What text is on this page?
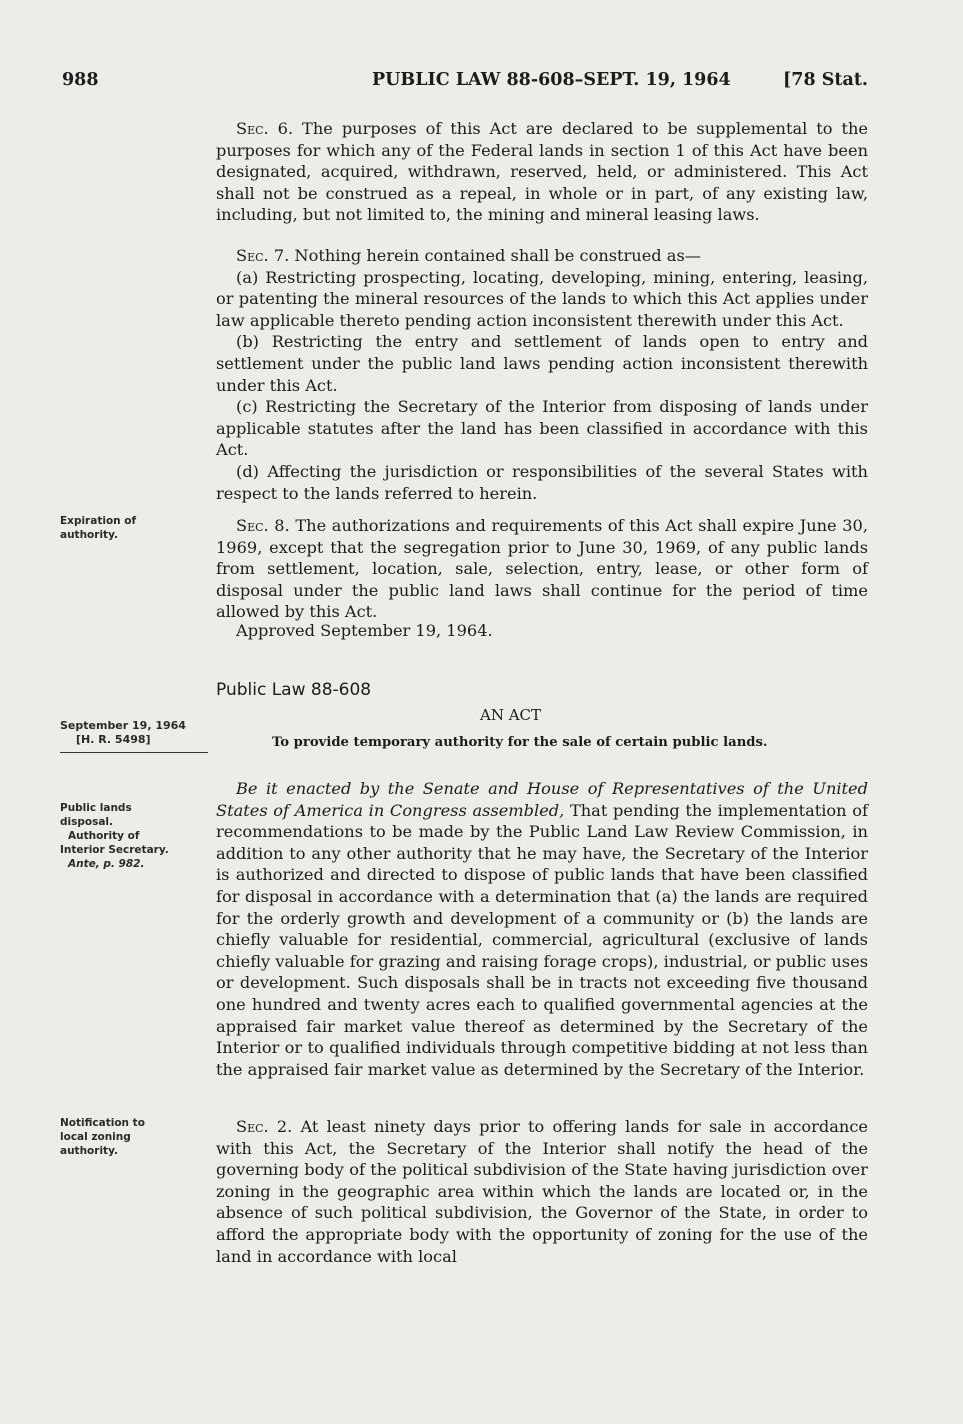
988	PUBLIC LAW 88-608–SEPT. 19, 1964	[78 Stat.

Sec. 6. The purposes of this Act are declared to be supplemental to the purposes for which any of the Federal lands in section 1 of this Act have been designated, acquired, withdrawn, reserved, held, or administered. This Act shall not be construed as a repeal, in whole or in part, of any existing law, including, but not limited to, the mining and mineral leasing laws.

Sec. 7. Nothing herein contained shall be construed as—

(a) Restricting prospecting, locating, developing, mining, entering, leasing, or patenting the mineral resources of the lands to which this Act applies under law applicable thereto pending action inconsistent therewith under this Act.

(b) Restricting the entry and settlement of lands open to entry and settlement under the public land laws pending action inconsistent therewith under this Act.

(c) Restricting the Secretary of the Interior from disposing of lands under applicable statutes after the land has been classified in accordance with this Act.

(d) Affecting the jurisdiction or responsibilities of the several States with respect to the lands referred to herein.

Expiration of
authority.	Sec. 8. The authorizations and requirements of this Act shall expire June 30, 1969, except that the segregation prior to June 30, 1969, of any public lands from settlement, location, sale, selection, entry, lease, or other form of disposal under the public land laws shall continue for the period of time allowed by this Act.

Approved September 19, 1964.
Public Law 88-608
September 19, 1964
[H. R. 5498]
AN ACT
To provide temporary authority for the sale of certain public lands.
Public lands
disposal.
Authority of
Interior Secretary.
Ante, p. 982.

Be it enacted by the Senate and House of Representatives of the United States of America in Congress assembled, That pending the implementation of recommendations to be made by the Public Land Law Review Commission, in addition to any other authority that he may have, the Secretary of the Interior is authorized and directed to dispose of public lands that have been classified for disposal in accordance with a determination that (a) the lands are required for the orderly growth and development of a community or (b) the lands are chiefly valuable for residential, commercial, agricultural (exclusive of lands chiefly valuable for grazing and raising forage crops), industrial, or public uses or development. Such disposals shall be in tracts not exceeding five thousand one hundred and twenty acres each to qualified governmental agencies at the appraised fair market value thereof as determined by the Secretary of the Interior or to qualified individuals through competitive bidding at not less than the appraised fair market value as determined by the Secretary of the Interior.

Notification to
local zoning
authority.

Sec. 2. At least ninety days prior to offering lands for sale in accordance with this Act, the Secretary of the Interior shall notify the head of the governing body of the political subdivision of the State having jurisdiction over zoning in the geographic area within which the lands are located or, in the absence of such political subdivision, the Governor of the State, in order to afford the appropriate body with the opportunity of zoning for the use of the land in accordance with local
